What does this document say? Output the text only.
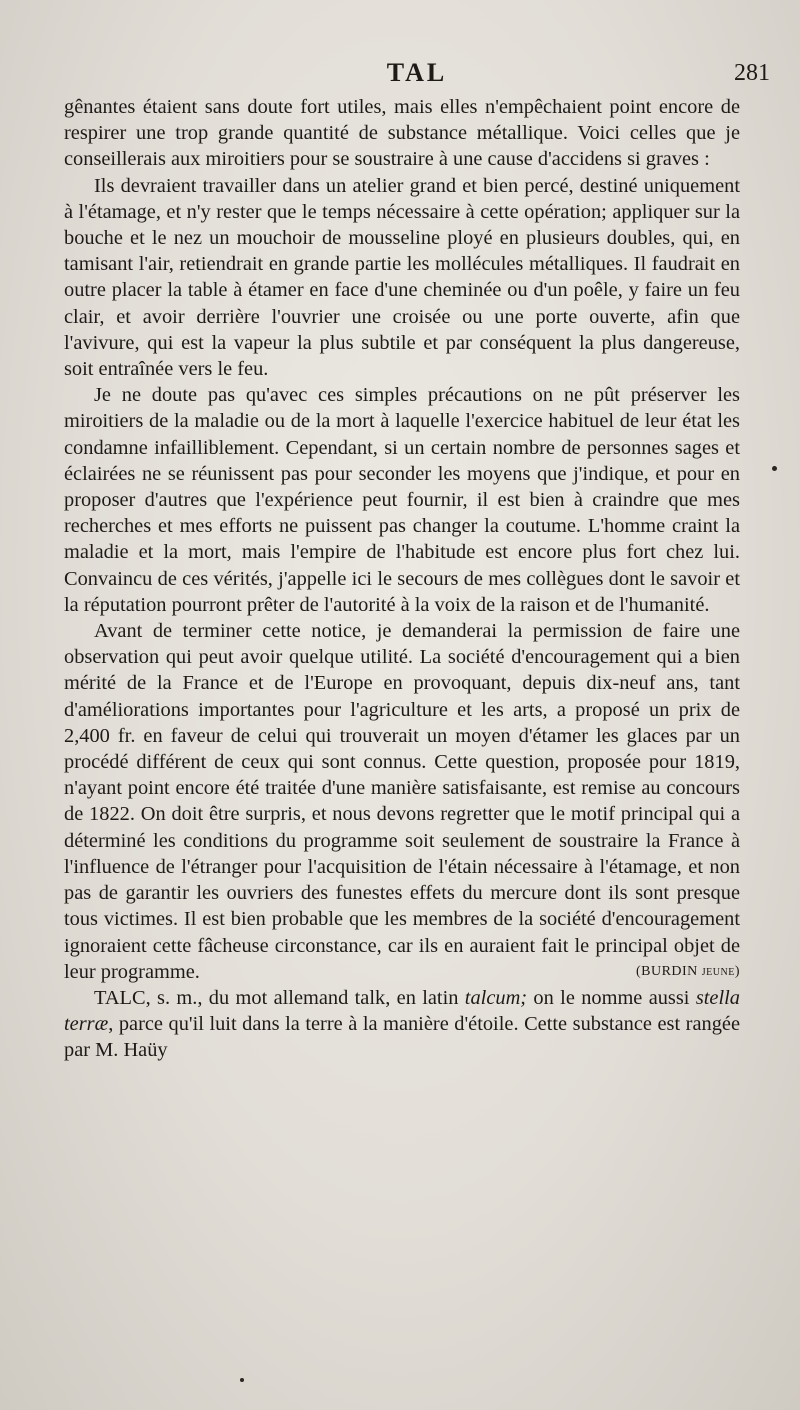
TAL	281

gênantes étaient sans doute fort utiles, mais elles n'empêchaient point encore de respirer une trop grande quantité de substance métallique. Voici celles que je conseillerais aux miroitiers pour se soustraire à une cause d'accidens si graves :

Ils devraient travailler dans un atelier grand et bien percé, destiné uniquement à l'étamage, et n'y rester que le temps nécessaire à cette opération; appliquer sur la bouche et le nez un mouchoir de mousseline ployé en plusieurs doubles, qui, en tamisant l'air, retiendrait en grande partie les mollécules métalliques. Il faudrait en outre placer la table à étamer en face d'une cheminée ou d'un poêle, y faire un feu clair, et avoir derrière l'ouvrier une croisée ou une porte ouverte, afin que l'avivure, qui est la vapeur la plus subtile et par conséquent la plus dangereuse, soit entraînée vers le feu.

Je ne doute pas qu'avec ces simples précautions on ne pût préserver les miroitiers de la maladie ou de la mort à laquelle l'exercice habituel de leur état les condamne infailliblement. Cependant, si un certain nombre de personnes sages et éclairées ne se réunissent pas pour seconder les moyens que j'indique, et pour en proposer d'autres que l'expérience peut fournir, il est bien à craindre que mes recherches et mes efforts ne puissent pas changer la coutume. L'homme craint la maladie et la mort, mais l'empire de l'habitude est encore plus fort chez lui. Convaincu de ces vérités, j'appelle ici le secours de mes collègues dont le savoir et la réputation pourront prêter de l'autorité à la voix de la raison et de l'humanité.

Avant de terminer cette notice, je demanderai la permission de faire une observation qui peut avoir quelque utilité. La société d'encouragement qui a bien mérité de la France et de l'Europe en provoquant, depuis dix-neuf ans, tant d'améliorations importantes pour l'agriculture et les arts, a proposé un prix de 2,400 fr. en faveur de celui qui trouverait un moyen d'étamer les glaces par un procédé différent de ceux qui sont connus. Cette question, proposée pour 1819, n'ayant point encore été traitée d'une manière satisfaisante, est remise au concours de 1822. On doit être surpris, et nous devons regretter que le motif principal qui a déterminé les conditions du programme soit seulement de soustraire la France à l'influence de l'étranger pour l'acquisition de l'étain nécessaire à l'étamage, et non pas de garantir les ouvriers des funestes effets du mercure dont ils sont presque tous victimes. Il est bien probable que les membres de la société d'encouragement ignoraient cette fâcheuse circonstance, car ils en auraient fait le principal objet de leur programme.	(BURDIN jeune)

TALC, s. m., du mot allemand talk, en latin talcum; on le nomme aussi stella terræ, parce qu'il luit dans la terre à la manière d'étoile. Cette substance est rangée par M. Haüy
